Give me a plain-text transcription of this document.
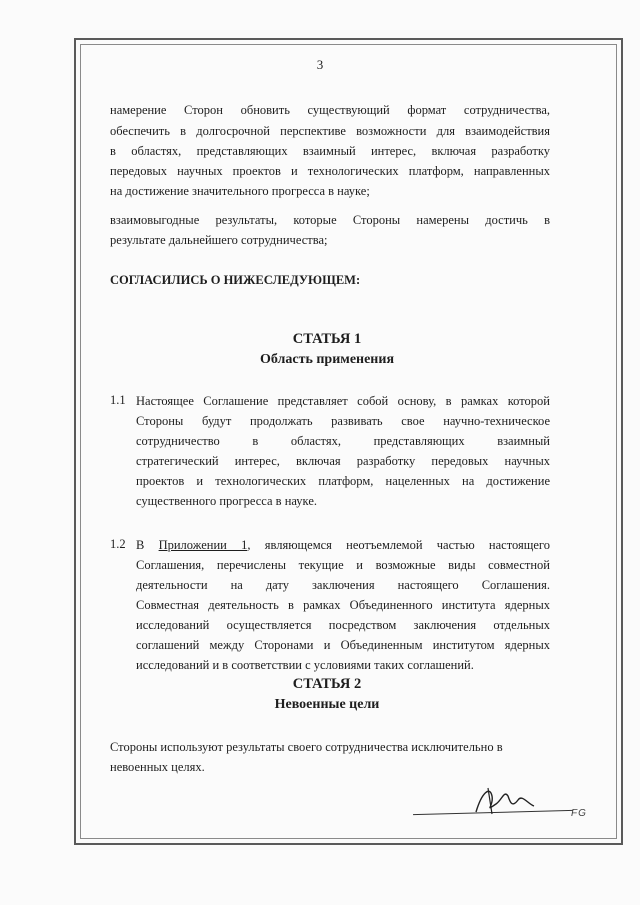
3

намерение Сторон обновить существующий формат сотрудничества,

обеспечить в долгосрочной перспективе возможности для взаимодействия

в областях, представляющих взаимный интерес, включая разработку

передовых научных проектов и технологических платформ, направленных

на достижение значительного прогресса в науке;

взаимовыгодные результаты, которые Стороны намерены достичь в

результате дальнейшего сотрудничества;

СОГЛАСИЛИСЬ О НИЖЕСЛЕДУЮЩЕМ:

СТАТЬЯ 1

Область применения

1.1 Настоящее Соглашение представляет собой основу, в рамках которой

Стороны будут продолжать развивать свое научно-техническое

сотрудничество в областях, представляющих взаимный

стратегический интерес, включая разработку передовых научных

проектов и технологических платформ, нацеленных на достижение

существенного прогресса в науке.

1.2 В Приложении 1, являющемся неотъемлемой частью настоящего

Соглашения, перечислены текущие и возможные виды совместной

деятельности на дату заключения настоящего Соглашения.

Совместная деятельность в рамках Объединенного института ядерных

исследований осуществляется посредством заключения отдельных

соглашений между Сторонами и Объединенным институтом ядерных

исследований и в соответствии с условиями таких соглашений.

СТАТЬЯ 2

Невоенные цели

Стороны используют результаты своего сотрудничества исключительно в

невоенных целях.

FG
